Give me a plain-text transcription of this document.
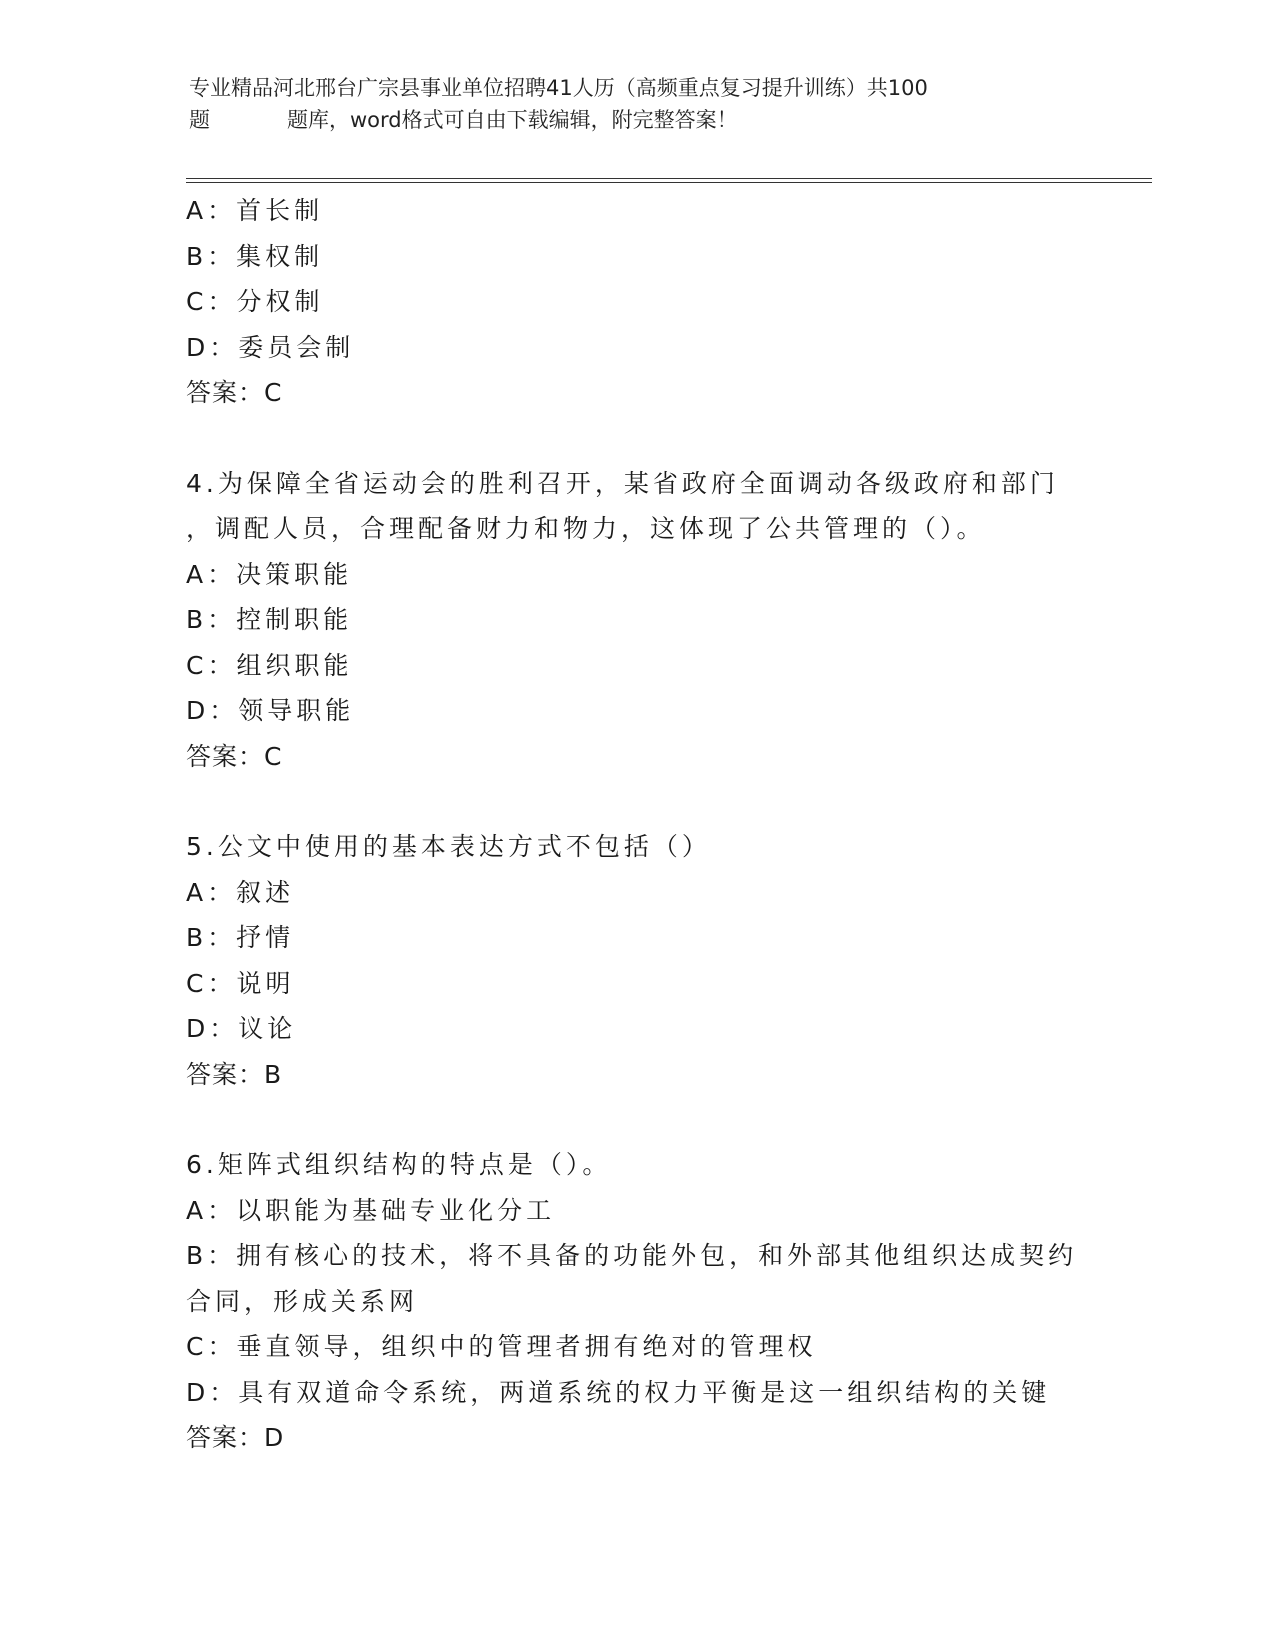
专业精品河北邢台广宗县事业单位招聘41人历（高频重点复习提升训练）共100
题	题库，word格式可自由下载编辑，附完整答案！
A：首长制
B：集权制
C：分权制
D：委员会制
答案：C
4.为保障全省运动会的胜利召开，某省政府全面调动各级政府和部门
，调配人员，合理配备财力和物力，这体现了公共管理的（）。
A：决策职能
B：控制职能
C：组织职能
D：领导职能
答案：C
5.公文中使用的基本表达方式不包括（）
A：叙述
B：抒情
C：说明
D：议论
答案：B
6.矩阵式组织结构的特点是（）。
A：以职能为基础专业化分工
B：拥有核心的技术，将不具备的功能外包，和外部其他组织达成契约
合同，形成关系网
C：垂直领导，组织中的管理者拥有绝对的管理权
D：具有双道命令系统，两道系统的权力平衡是这一组织结构的关键
答案：D
